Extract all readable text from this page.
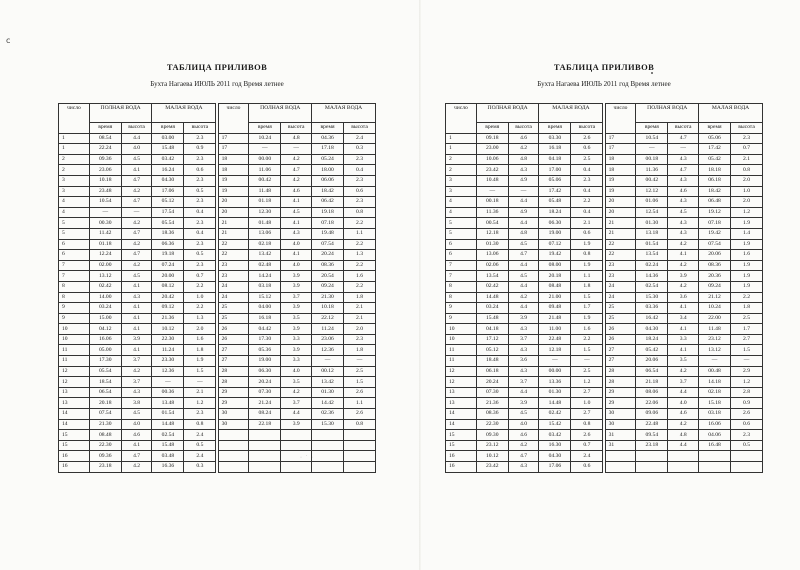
c
· ˙ ·
ТАБЛИЦА ПРИЛИВОВ
Бухта Нагаева ИЮЛЬ 2011 год Время летнее
число	ПОЛНАЯ ВОДА		МАЛАЯ ВОДА			число	ПОЛНАЯ ВОДА		МАЛАЯ ВОДА	
	время	высота	время	высота			время	высота	время	высота
1	08.54	4.4	03.00	2.3		17	10.24	4.8	04.36	2.4
1	22.24	4.0	15.48	0.9		17	—	—	17.18	0.3
2	09.36	4.5	03.42	2.3		18	00.00	4.2	05.24	2.3
2	23.06	4.1	16.24	0.6		18	11.06	4.7	18.00	0.4
3	10.18	4.7	04.30	2.3		19	00.42	4.2	06.06	2.3
3	23.48	4.2	17.06	0.5		19	11.48	4.6	18.42	0.6
4	10.54	4.7	05.12	2.3		20	01.18	4.1	06.42	2.3
4	—	—	17.54	0.4		20	12.30	4.5	19.18	0.8
5	00.30	4.2	05.54	2.3		21	01.48	4.1	07.18	2.2
5	11.42	4.7	18.36	0.4		21	13.06	4.3	19.48	1.1
6	01.18	4.2	06.36	2.3		22	02.18	4.0	07.54	2.2
6	12.24	4.7	19.18	0.5		22	13.42	4.1	20.24	1.3
7	02.00	4.2	07.24	2.3		23	02.48	4.0	08.36	2.2
7	13.12	4.5	20.00	0.7		23	14.24	3.9	20.54	1.6
8	02.42	4.1	08.12	2.2		24	03.18	3.9	09.24	2.2
8	14.00	4.3	20.42	1.0		24	15.12	3.7	21.30	1.8
9	03.24	4.1	09.12	2.2		25	04.00	3.9	10.18	2.1
9	15.00	4.1	21.36	1.3		25	16.18	3.5	22.12	2.1
10	04.12	4.1	10.12	2.0		26	04.42	3.9	11.24	2.0
10	16.06	3.9	22.30	1.6		26	17.30	3.3	23.06	2.3
11	05.00	4.1	11.24	1.8		27	05.36	3.9	12.36	1.8
11	17.30	3.7	23.30	1.9		27	19.00	3.3	—	—
12	05.54	4.2	12.36	1.5		28	06.30	4.0	00.12	2.5
12	18.54	3.7	—	—		28	20.24	3.5	13.42	1.5
13	06.54	4.3	00.36	2.1		29	07.30	4.2	01.30	2.6
13	20.18	3.8	13.48	1.2		29	21.24	3.7	14.42	1.1
14	07.54	4.5	01.54	2.3		30	08.24	4.4	02.36	2.6
14	21.30	4.0	14.48	0.8		30	22.18	3.9	15.30	0.8
15	08.48	4.6	02.54	2.4						
15	22.30	4.1	15.48	0.5						
16	09.36	4.7	03.48	2.4						
16	23.18	4.2	16.36	0.3						
ТАБЛИЦА ПРИЛИВОВ
Бухта Нагаева ИЮЛЬ 2011 год Время летнее
число	ПОЛНАЯ ВОДА		МАЛАЯ ВОДА			число	ПОЛНАЯ ВОДА		МАЛАЯ ВОДА	
	время	высота	время	высота			время	высота	время	высота
1	09.18	4.6	03.30	2.6		17	10.54	4.7	05.06	2.3
1	23.00	4.2	16.18	0.6		17	—	—	17.42	0.7
2	10.06	4.8	04.18	2.5		18	00.18	4.3	05.42	2.1
2	23.42	4.3	17.00	0.4		18	11.36	4.7	18.18	0.8
3	10.48	4.9	05.06	2.3		19	00.42	4.3	06.18	2.0
3	—	—	17.42	0.4		19	12.12	4.6	18.42	1.0
4	00.18	4.4	05.48	2.2		20	01.06	4.3	06.48	2.0
4	11.36	4.9	18.24	0.4		20	12.54	4.5	19.12	1.2
5	00.54	4.4	06.30	2.1		21	01.30	4.3	07.18	1.9
5	12.18	4.8	19.00	0.6		21	13.18	4.3	19.42	1.4
6	01.30	4.5	07.12	1.9		22	01.54	4.2	07.54	1.9
6	13.06	4.7	19.42	0.8		22	13.54	4.1	20.06	1.6
7	02.06	4.4	08.00	1.9		23	02.24	4.2	08.36	1.9
7	13.54	4.5	20.18	1.1		23	14.36	3.9	20.36	1.9
8	02.42	4.4	08.48	1.8		24	02.54	4.2	09.24	1.9
8	14.48	4.2	21.00	1.5		24	15.30	3.6	21.12	2.2
9	03.24	4.4	09.48	1.7		25	03.36	4.1	10.24	1.8
9	15.48	3.9	21.48	1.9		25	16.42	3.4	22.00	2.5
10	04.18	4.3	11.00	1.6		26	04.30	4.1	11.48	1.7
10	17.12	3.7	22.48	2.2		26	18.24	3.3	23.12	2.7
11	05.12	4.3	12.18	1.5		27	05.42	4.1	13.12	1.5
11	18.48	3.6	—	—		27	20.06	3.5	—	—
12	06.18	4.3	00.00	2.5		28	06.54	4.2	00.48	2.9
12	20.24	3.7	13.36	1.2		28	21.18	3.7	14.18	1.2
13	07.30	4.4	01.30	2.7		29	08.06	4.4	02.18	2.8
13	21.36	3.9	14.48	1.0		29	22.06	4.0	15.18	0.9
14	08.36	4.5	02.42	2.7		30	09.06	4.6	03.18	2.6
14	22.30	4.0	15.42	0.8		30	22.48	4.2	16.06	0.6
15	09.30	4.6	03.42	2.6		31	09.54	4.8	04.06	2.3
15	23.12	4.2	16.30	0.7		31	23.18	4.4	16.48	0.5
16	10.12	4.7	04.30	2.4						
16	23.42	4.3	17.06	0.6						
